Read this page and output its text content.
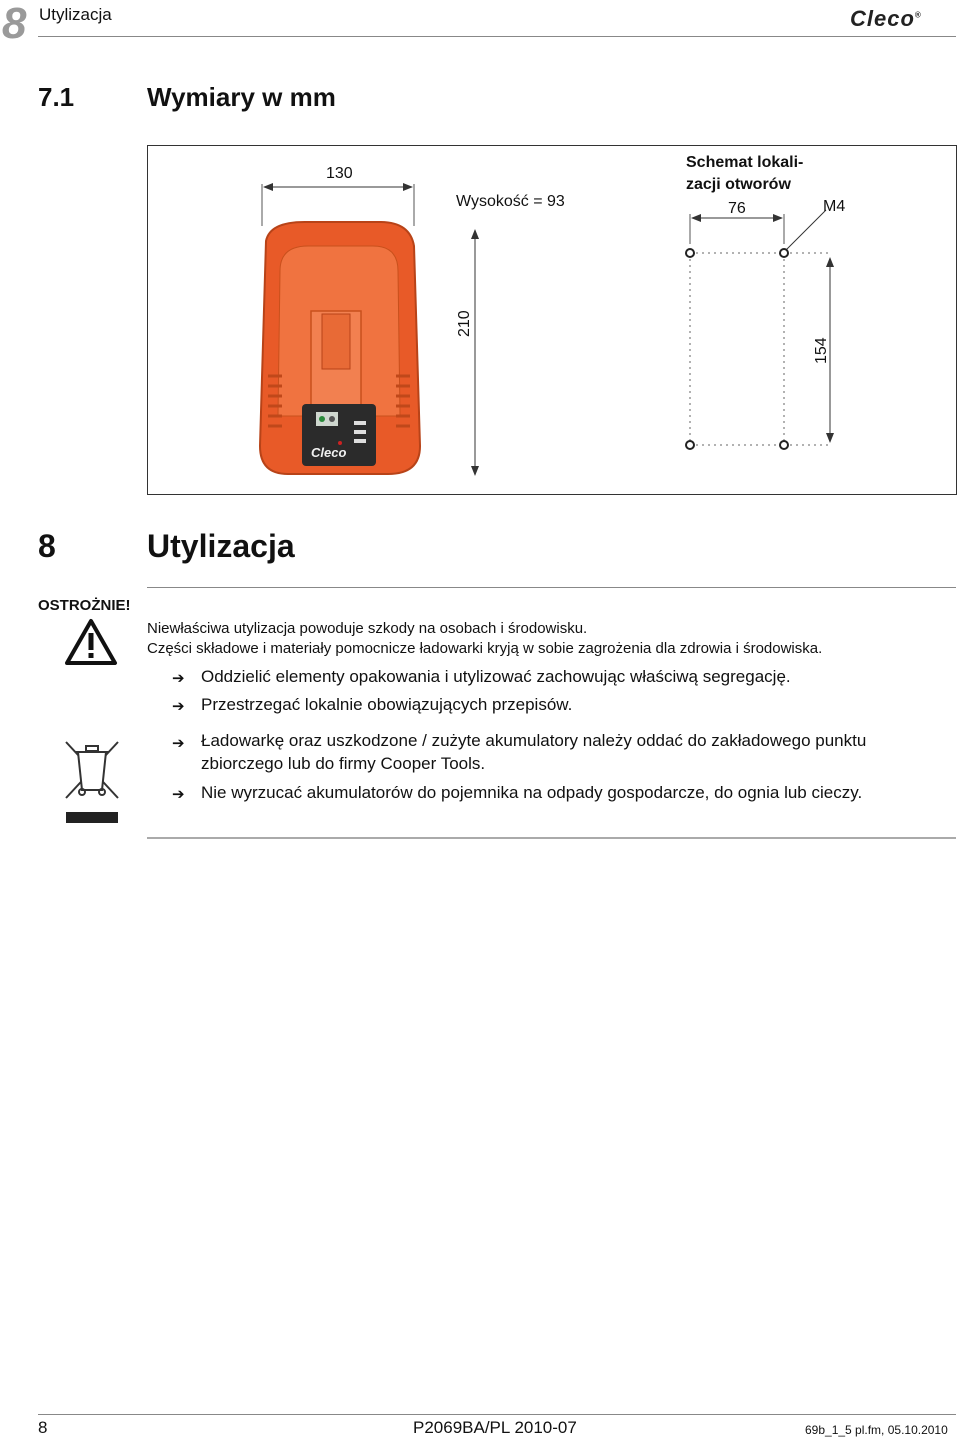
8 Utylizacja	Cleco®
7.1	Wymiary w mm
130
Wysokość = 93
210
Schemat lokali-
zacji otworów
76	M4
154
Cleco
8	Utylizacja
OSTROŻNIE!
Niewłaściwa utylizacja powoduje szkody na osobach i środowisku.
Części składowe i materiały pomocnicze ładowarki kryją w sobie zagrożenia dla zdrowia i środowiska.
➔ Oddzielić elementy opakowania i utylizować zachowując właściwą segregację.
➔ Przestrzegać lokalnie obowiązujących przepisów.
➔ Ładowarkę oraz uszkodzone / zużyte akumulatory należy oddać do zakładowego punktu
zbiorczego lub do firmy Cooper Tools.
➔ Nie wyrzucać akumulatorów do pojemnika na odpady gospodarcze, do ognia lub cieczy.
8	P2069BA/PL 2010-07	69b_1_5 pl.fm, 05.10.2010
